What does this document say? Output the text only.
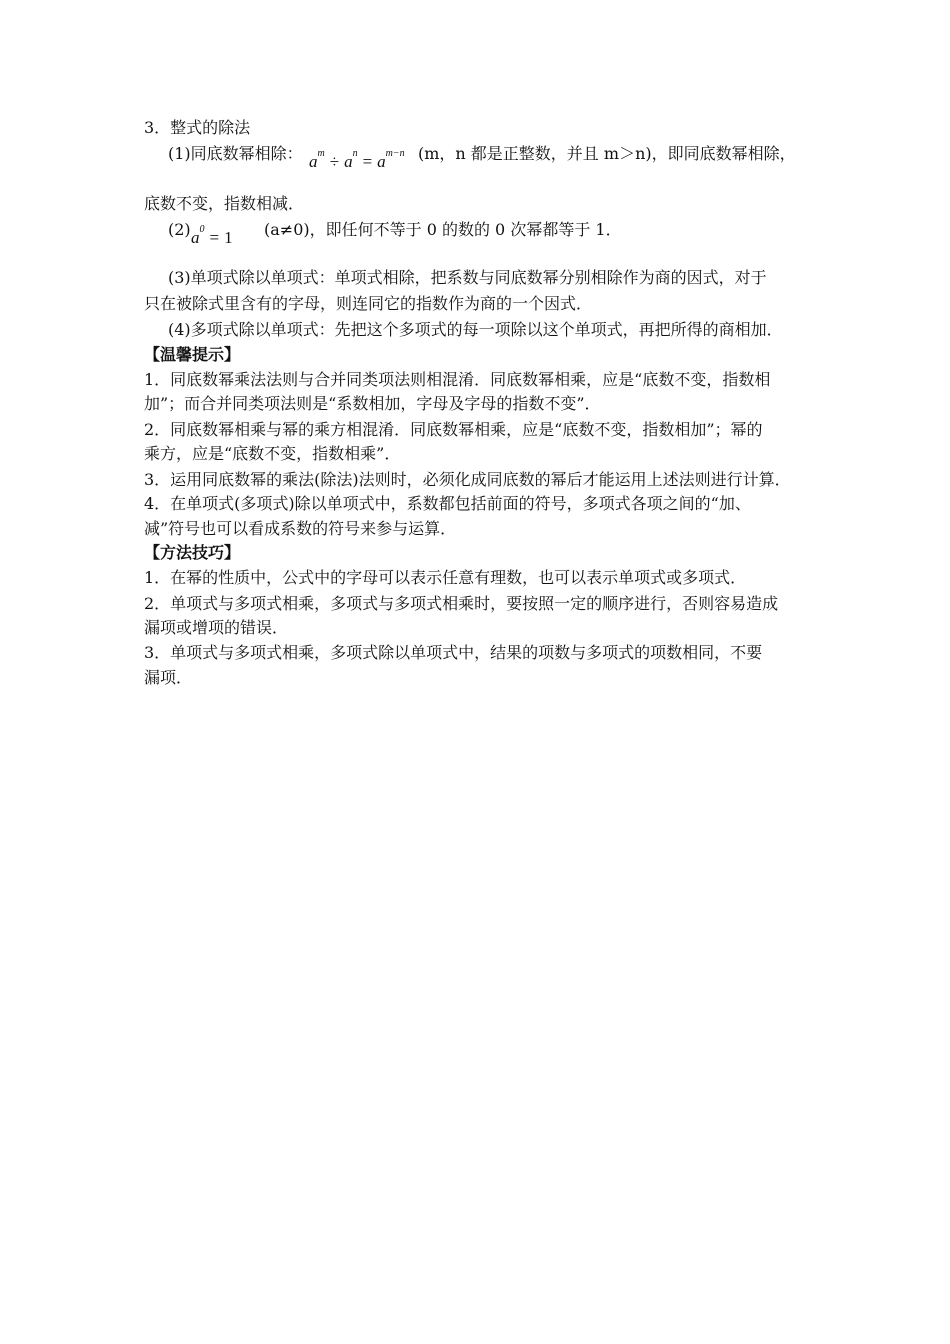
3．整式的除法
(1)同底数幂相除： $a^m \div a^n = a^{m-n}$ (m，n 都是正整数，并且 m＞n)，即同底数幂相除，
底数不变，指数相减．
(2) $a^0 = 1$ (a≠0)，即任何不等于 0 的数的 0 次幂都等于 1．
(3)单项式除以单项式：单项式相除，把系数与同底数幂分别相除作为商的因式，对于
只在被除式里含有的字母，则连同它的指数作为商的一个因式．
(4)多项式除以单项式：先把这个多项式的每一项除以这个单项式，再把所得的商相加．
【温馨提示】
1．同底数幂乘法法则与合并同类项法则相混淆．同底数幂相乘，应是“底数不变，指数相
加”；而合并同类项法则是“系数相加，字母及字母的指数不变”．
2．同底数幂相乘与幂的乘方相混淆．同底数幂相乘，应是“底数不变，指数相加”；幂的
乘方，应是“底数不变，指数相乘”．
3．运用同底数幂的乘法(除法)法则时，必须化成同底数的幂后才能运用上述法则进行计算．
4．在单项式(多项式)除以单项式中，系数都包括前面的符号，多项式各项之间的“加、
减”符号也可以看成系数的符号来参与运算．
【方法技巧】
1．在幂的性质中，公式中的字母可以表示任意有理数，也可以表示单项式或多项式．
2．单项式与多项式相乘，多项式与多项式相乘时，要按照一定的顺序进行，否则容易造成
漏项或增项的错误．
3．单项式与多项式相乘，多项式除以单项式中，结果的项数与多项式的项数相同，不要
漏项．
